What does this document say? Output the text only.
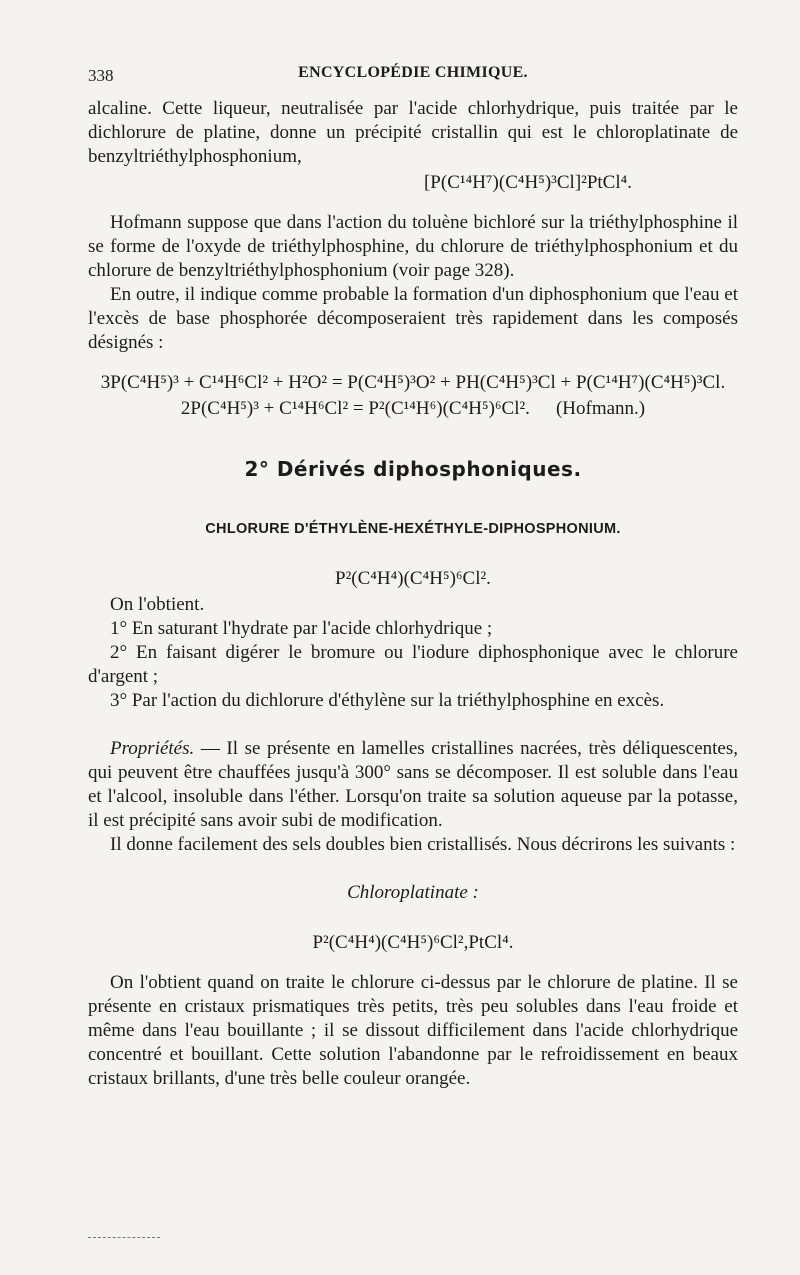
338	ENCYCLOPÉDIE CHIMIQUE.

alcaline. Cette liqueur, neutralisée par l'acide chlorhydrique, puis traitée par le dichlorure de platine, donne un précipité cristallin qui est le chloroplatinate de benzyltriéthylphosphonium,

[P(C¹⁴H⁷)(C⁴H⁵)³Cl]²PtCl⁴.

Hofmann suppose que dans l'action du toluène bichloré sur la triéthylphosphine il se forme de l'oxyde de triéthylphosphine, du chlorure de triéthylphosphonium et du chlorure de benzyltriéthylphosphonium (voir page 328).

En outre, il indique comme probable la formation d'un diphosphonium que l'eau et l'excès de base phosphorée décomposeraient très rapidement dans les composés désignés :

3P(C⁴H⁵)³ + C¹⁴H⁶Cl² + H²O² = P(C⁴H⁵)³O² + PH(C⁴H⁵)³Cl + P(C¹⁴H⁷)(C⁴H⁵)³Cl.
2P(C⁴H⁵)³ + C¹⁴H⁶Cl² = P²(C¹⁴H⁶)(C⁴H⁵)⁶Cl². (Hofmann.)
2° Dérivés diphosphoniques.
CHLORURE D'ÉTHYLÈNE-HEXÉTHYLE-DIPHOSPHONIUM.
P²(C⁴H⁴)(C⁴H⁵)⁶Cl².

On l'obtient.

1° En saturant l'hydrate par l'acide chlorhydrique ;

2° En faisant digérer le bromure ou l'iodure diphosphonique avec le chlorure d'argent ;

3° Par l'action du dichlorure d'éthylène sur la triéthylphosphine en excès.

Propriétés. — Il se présente en lamelles cristallines nacrées, très déliquescentes, qui peuvent être chauffées jusqu'à 300° sans se décomposer. Il est soluble dans l'eau et l'alcool, insoluble dans l'éther. Lorsqu'on traite sa solution aqueuse par la potasse, il est précipité sans avoir subi de modification.

Il donne facilement des sels doubles bien cristallisés. Nous décrirons les suivants :

Chloroplatinate :
P²(C⁴H⁴)(C⁴H⁵)⁶Cl²,PtCl⁴.

On l'obtient quand on traite le chlorure ci-dessus par le chlorure de platine. Il se présente en cristaux prismatiques très petits, très peu solubles dans l'eau froide et même dans l'eau bouillante ; il se dissout difficilement dans l'acide chlorhydrique concentré et bouillant. Cette solution l'abandonne par le refroidissement en beaux cristaux brillants, d'une très belle couleur orangée.
